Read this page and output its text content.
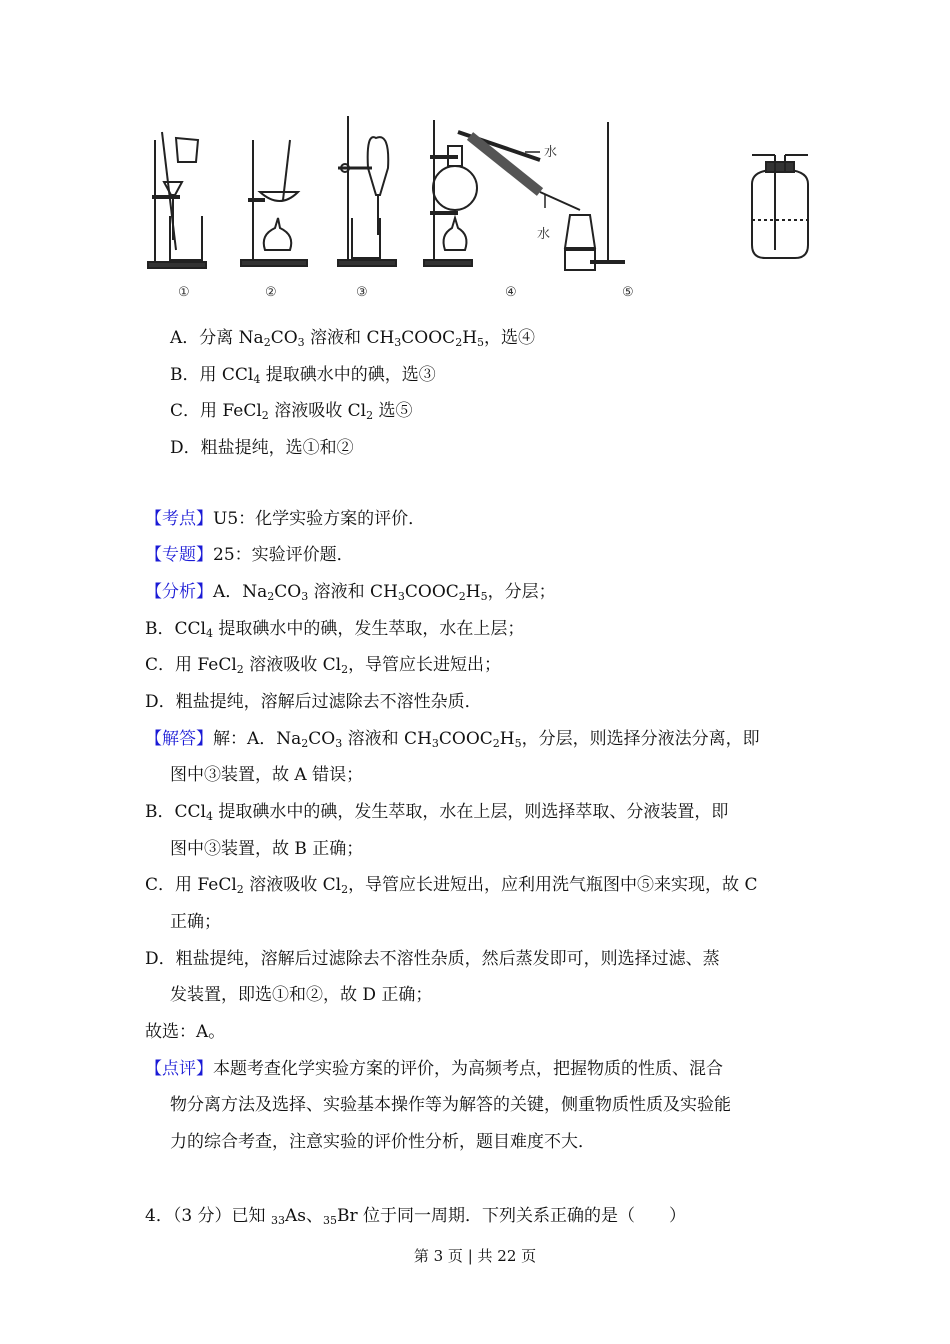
水
水
①	②	③	④	⑤
A．分离 $Na_2CO_3$ 溶液和 $CH_3COOC_2H_5$，选④
B．用 CCl$_4$ 提取碘水中的碘，选③
C．用 FeCl$_2$ 溶液吸收 $Cl_2$ 选⑤
D．粗盐提纯，选①和②
【考点】U5：化学实验方案的评价．
【专题】25：实验评价题．
【分析】A．$Na_2CO_3$ 溶液和 $CH_3COOC_2H_5$，分层；
B．CCl$_4$ 提取碘水中的碘，发生萃取，水在上层；
C．用 FeCl$_2$ 溶液吸收 $Cl_2$，导管应长进短出；
D．粗盐提纯，溶解后过滤除去不溶性杂质．
【解答】解：A．$Na_2CO_3$ 溶液和 $CH_3COOC_2H_5$，分层，则选择分液法分离，即
图中③装置，故 A 错误；
B．CCl$_4$ 提取碘水中的碘，发生萃取，水在上层，则选择萃取、分液装置，即
图中③装置，故 B 正确；
C．用 FeCl$_2$ 溶液吸收 $Cl_2$，导管应长进短出，应利用洗气瓶图中⑤来实现，故 C
正确；
D．粗盐提纯，溶解后过滤除去不溶性杂质，然后蒸发即可，则选择过滤、蒸
发装置，即选①和②，故 D 正确；
故选：A。
【点评】本题考查化学实验方案的评价，为高频考点，把握物质的性质、混合
物分离方法及选择、实验基本操作等为解答的关键，侧重物质性质及实验能
力的综合考查，注意实验的评价性分析，题目难度不大．
4．（3 分）已知 $_{33}$As、$_{35}$Br 位于同一周期．下列关系正确的是（　　）
第 3 页 | 共 22 页
